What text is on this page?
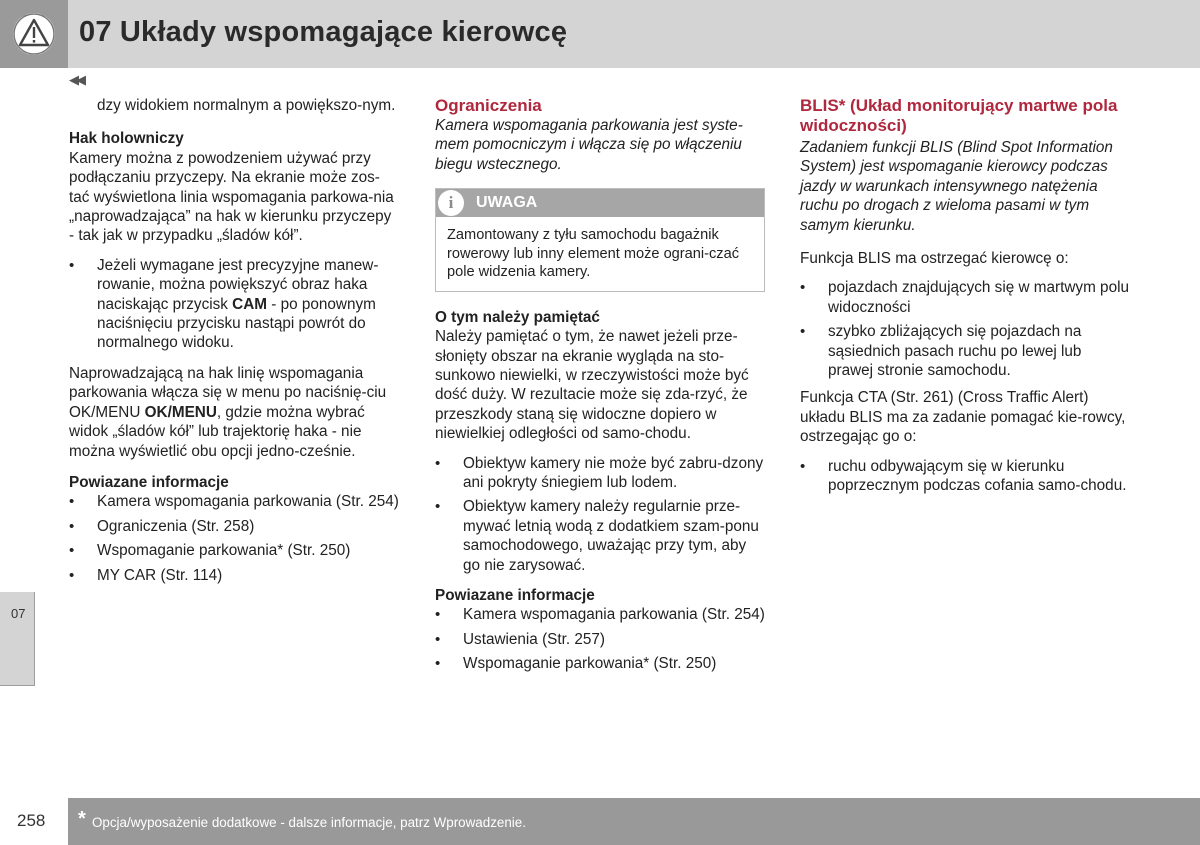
07 Układy wspomagające kierowcę
◀◀
07

dzy widokiem normalnym a powiększo-nym.

Hak holowniczy

Kamery można z powodzeniem używać przy podłączaniu przyczepy. Na ekranie może zos-tać wyświetlona linia wspomagania parkowa-nia „naprowadzająca” na hak w kierunku przyczepy - tak jak w przypadku „śladów kół”.

• Jeżeli wymagane jest precyzyjne manew-rowanie, można powiększyć obraz haka naciskając przycisk CAM - po ponownym naciśnięciu przycisku nastąpi powrót do normalnego widoku.

Naprowadzającą na hak linię wspomagania parkowania włącza się w menu po naciśnię-ciu OK/MENU OK/MENU, gdzie można wybrać widok „śladów kół” lub trajektorię haka - nie można wyświetlić obu opcji jedno-cześnie.

Powiazane informacje

• Kamera wspomagania parkowania (Str. 254)
• Ograniczenia (Str. 258)
• Wspomaganie parkowania* (Str. 250)
• MY CAR (Str. 114)

Ograniczenia

Kamera wspomagania parkowania jest syste-mem pomocniczym i włącza się po włączeniu biegu wstecznego.

i	UWAGA
Zamontowany z tyłu samochodu bagażnik rowerowy lub inny element może ograni-czać pole widzenia kamery.

O tym należy pamiętać

Należy pamiętać o tym, że nawet jeżeli prze-słonięty obszar na ekranie wygląda na sto-sunkowo niewielki, w rzeczywistości może być dość duży. W rezultacie może się zda-rzyć, że przeszkody staną się widoczne dopiero w niewielkiej odległości od samo-chodu.

• Obiektyw kamery nie może być zabru-dzony ani pokryty śniegiem lub lodem.
• Obiektyw kamery należy regularnie prze-mywać letnią wodą z dodatkiem szam-ponu samochodowego, uważając przy tym, aby go nie zarysować.

Powiazane informacje

• Kamera wspomagania parkowania (Str. 254)
• Ustawienia (Str. 257)
• Wspomaganie parkowania* (Str. 250)

BLIS* (Układ monitorujący martwe pola widoczności)

Zadaniem funkcji BLIS (Blind Spot Information System) jest wspomaganie kierowcy podczas jazdy w warunkach intensywnego natężenia ruchu po drogach z wieloma pasami w tym samym kierunku.

Funkcja BLIS ma ostrzegać kierowcę o:

• pojazdach znajdujących się w martwym polu widoczności
• szybko zbliżających się pojazdach na sąsiednich pasach ruchu po lewej lub prawej stronie samochodu.

Funkcja CTA (Str. 261) (Cross Traffic Alert) układu BLIS ma za zadanie pomagać kie-rowcy, ostrzegając go o:

• ruchu odbywającym się w kierunku poprzecznym podczas cofania samo-chodu.
258 * Opcja/wyposażenie dodatkowe - dalsze informacje, patrz Wprowadzenie.
